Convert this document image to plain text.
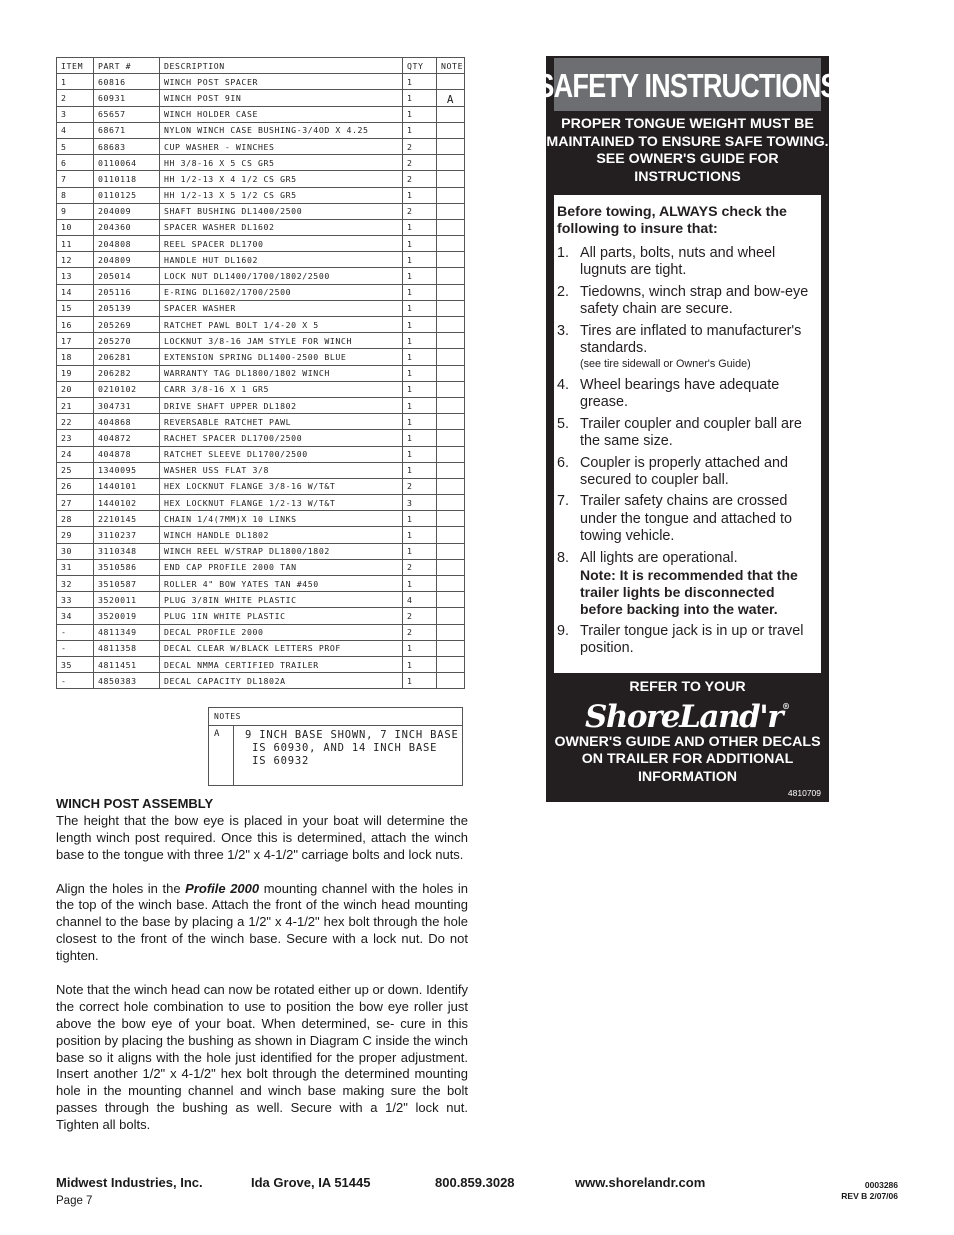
ITEM	PART #	DESCRIPTION	QTY	NOTE
1	60816	WINCH POST SPACER	1	
2	60931	WINCH POST 9IN	1	A
3	65657	WINCH HOLDER CASE	1	
4	68671	NYLON WINCH CASE BUSHING-3/4OD X 4.25	1	
5	68683	CUP WASHER - WINCHES	2	
6	0110064	HH 3/8-16 X 5 CS GR5	2	
7	0110118	HH 1/2-13 X 4 1/2 CS GR5	2	
8	0110125	HH 1/2-13 X 5 1/2 CS GR5	1	
9	204009	SHAFT BUSHING DL1400/2500	2	
10	204360	SPACER WASHER DL1602	1	
11	204808	REEL SPACER DL1700	1	
12	204809	HANDLE HUT DL1602	1	
13	205014	LOCK NUT DL1400/1700/1802/2500	1	
14	205116	E-RING DL1602/1700/2500	1	
15	205139	SPACER WASHER	1	
16	205269	RATCHET PAWL BOLT 1/4-20 X 5	1	
17	205270	LOCKNUT 3/8-16 JAM STYLE FOR WINCH	1	
18	206281	EXTENSION SPRING DL1400-2500 BLUE	1	
19	206282	WARRANTY TAG DL1800/1802 WINCH	1	
20	0210102	CARR 3/8-16 X 1 GR5	1	
21	304731	DRIVE SHAFT UPPER DL1802	1	
22	404868	REVERSABLE RATCHET PAWL	1	
23	404872	RACHET SPACER DL1700/2500	1	
24	404878	RATCHET SLEEVE DL1700/2500	1	
25	1340095	WASHER USS FLAT 3/8	1	
26	1440101	HEX LOCKNUT FLANGE 3/8-16 W/T&T	2	
27	1440102	HEX LOCKNUT FLANGE 1/2-13 W/T&T	3	
28	2210145	CHAIN 1/4(7MM)X 10 LINKS	1	
29	3110237	WINCH HANDLE DL1802	1	
30	3110348	WINCH REEL W/STRAP DL1800/1802	1	
31	3510586	END CAP PROFILE 2000 TAN	2	
32	3510587	ROLLER 4" BOW YATES TAN #450	1	
33	3520011	PLUG 3/8IN WHITE PLASTIC	4	
34	3520019	PLUG 1IN WHITE PLASTIC	2	
-	4811349	DECAL PROFILE 2000	2	
-	4811358	DECAL CLEAR W/BLACK LETTERS PROF	1	
35	4811451	DECAL NMMA CERTIFIED TRAILER	1	
-	4850383	DECAL CAPACITY DL1802A	1	
NOTES
A	9 INCH BASE SHOWN, 7 INCH BASE
IS 60930, AND 14 INCH BASE
IS 60932
WINCH POST ASSEMBLY

The height that the bow eye is placed in your boat will determine the length winch post required. Once this is determined, attach the winch base to the tongue with three 1/2" x 4-1/2" carriage bolts and lock nuts.

Align the holes in the Profile 2000 mounting channel with the holes in the top of the winch base. Attach the front of the winch head mounting channel to the base by placing a 1/2" x 4-1/2" hex bolt through the hole closest to the front of the winch base. Secure with a lock nut. Do not tighten.

Note that the winch head can now be rotated either up or down. Identify the correct hole combination to use to position the bow eye roller just above the bow eye of your boat. When determined, se- cure in this position by placing the bushing as shown in Diagram C inside the winch base so it aligns with the hole just identified for the proper adjustment. Insert another 1/2" x 4-1/2" hex bolt through the determined mounting hole in the mounting channel and winch base making sure the bolt passes through the bushing as well. Secure with a 1/2" lock nut. Tighten all bolts.

SAFETY INSTRUCTIONS
PROPER TONGUE WEIGHT MUST BE MAINTAINED TO ENSURE SAFE TOWING. SEE OWNER'S GUIDE FOR INSTRUCTIONS
Before towing, ALWAYS check the following to insure that:
1. All parts, bolts, nuts and wheel lugnuts are tight.
2. Tiedowns, winch strap and bow-eye safety chain are secure.
3. Tires are inflated to manufacturer's standards.
(see tire sidewall or Owner's Guide)
4. Wheel bearings have adequate grease.
5. Trailer coupler and coupler ball are the same size.
6. Coupler is properly attached and secured to coupler ball.
7. Trailer safety chains are crossed under the tongue and attached to towing vehicle.
8. All lights are operational.
Note: It is recommended that the trailer lights be disconnected before backing into the water.
9. Trailer tongue jack is in up or travel position.
REFER TO YOUR
ShoreLand'r®
OWNER'S GUIDE AND OTHER DECALS ON TRAILER FOR ADDITIONAL INFORMATION
4810709
Midwest Industries, Inc.	Ida Grove, IA 51445	800.859.3028	www.shorelandr.com
Page 7
0003286
REV B 2/07/06
